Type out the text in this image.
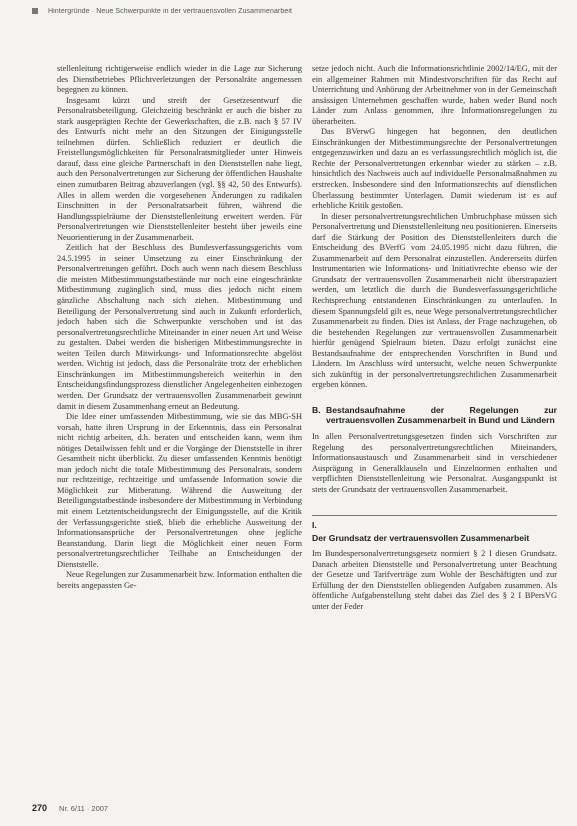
Hintergründe · Neue Schwerpunkte in der vertrauensvollen Zusammenarbeit

stellenleitung richtigerweise endlich wieder in die Lage zur Sicherung des Dienstbetriebes Pflichtverletzungen der Personalräte angemessen begegnen zu können.

Insgesamt kürzt und streift der Gesetzesentwurf die Personalratsbeteiligung. Gleichzeitig beschränkt er auch die bisher zu stark ausgeprägten Rechte der Gewerkschaften, die z.B. nach § 57 IV des Entwurfs nicht mehr an den Sitzungen der Einigungsstelle teilnehmen dürfen. Schließlich reduziert er deutlich die Freistellungsmöglichkeiten für Personalratsmitglieder unter Hinweis darauf, dass eine gleiche Partnerschaft in den Dienststellen nahe liegt, auch den Personalvertretungen zur Sicherung der öffentlichen Haushalte einen zumutbaren Beitrag abzuverlangen (vgl. §§ 42, 50 des Entwurfs). Alles in allem werden die vorgesehenen Änderungen zu radikalen Einschnitten in der Personalratsarbeit führen, während die Handlungsspielräume der Dienststellenleitung erweitert werden. Für Personalvertretungen wie Dienststellenleiter besteht über jeweils eine Neuorientierung in der Zusammenarbeit.

Zeitlich hat der Beschluss des Bundesverfassungsgerichts vom 24.5.1995 in seiner Umsetzung zu einer Einschränkung der Personalvertretungen geführt. Doch auch wenn nach diesem Beschluss die meisten Mitbestimmungstatbestände nur noch eine eingeschränkte Mitbestimmung zugänglich sind, muss dies jedoch nicht einem gänzliche Abschaltung nach sich ziehen. Mitbestimmung und Beteiligung der Personalvertretung sind auch in Zukunft erforderlich, jedoch haben sich die Schwerpunkte verschoben und ist das personalvertretungsrechtliche Miteinander in einer neuen Art und Weise zu gestalten. Dabei werden die bisherigen Mitbestimmungsrechte in weiten Teilen durch Mitwirkungs- und Informationsrechte abgelöst werden. Wichtig ist jedoch, dass die Personalräte trotz der erheblichen Einschränkungen im Mitbestimmungsbereich weiterhin in den Entscheidungsfindungsprozess dienstlicher Angelegenheiten einbezogen werden. Der Grundsatz der vertrauensvollen Zusammenarbeit gewinnt damit in diesem Zusammenhang erneut an Bedeutung.

Die Idee einer umfassenden Mitbestimmung, wie sie das MBG-SH vorsah, hatte ihren Ursprung in der Erkenntnis, dass ein Personalrat nicht richtig arbeiten, d.h. beraten und entscheiden kann, wenn ihm nötiges Detailwissen fehlt und er die Vorgänge der Dienststelle in ihrer Gesamtheit nicht überblickt. Zu dieser umfassenden Kenntnis benötigt man jedoch nicht die totale Mitbestimmung des Personalrats, sondern nur rechtzeitige, rechtzeitige und umfassende Information sowie die Möglichkeit zur Mitberatung. Während die Ausweitung der Beteiligungstatbestände insbesondere der Mitbestimmung in Verbindung mit einem Letztentscheidungsrecht der Einigungsstelle, auf die Kritik der Verfassungsgerichte stieß, blieb die erhebliche Ausweitung der Informationsansprüche der Personalvertretungen ohne jegliche Beanstandung. Darin liegt die Möglichkeit einer neuen Form personalvertretungsrechtlicher Teilhabe an Entscheidungen der Dienststelle.

Neue Regelungen zur Zusammenarbeit bzw. Information enthalten die bereits angepassten Ge-

setze jedoch nicht. Auch die Informationsrichtlinie 2002/14/EG, mit der ein allgemeiner Rahmen mit Mindestvorschriften für das Recht auf Unterrichtung und Anhörung der Arbeitnehmer von in der Gemeinschaft ansässigen Unternehmen geschaffen wurde, haben weder Bund noch Länder zum Anlass genommen, ihre Informationsregelungen zu überarbeiten.

Das BVerwG hingegen hat begonnen, den deutlichen Einschränkungen der Mitbestimmungsrechte der Personalvertretungen entgegenzuwirken und dazu an es verfassungsrechtlich möglich ist, die Rechte der Personalvertretungen erkennbar wieder zu stärken – z.B. hinsichtlich des Nachweis auch auf individuelle Personalmaßnahmen zu erstrecken. Insbesondere sind den Informationsrechts auf dienstlichen Überlassung bestimmter Unterlagen. Damit wiederum ist es auf erhebliche Kritik gestoßen.

In dieser personalvertretungsrechtlichen Umbruchphase müssen sich Personalvertretung und Dienststellenleitung neu positionieren. Einerseits darf die Stärkung der Position des Dienststellenleiters durch die Entscheidung des BVerfG vom 24.05.1995 nicht dazu führen, die Zusammenarbeit auf dem Personalrat einzustellen. Andererseits dürfen Instrumentarien wie Informations- und Initiativrechte ebenso wie der Grundsatz der vertrauensvollen Zusammenarbeit nicht überstrapaziert werden, um letztlich die durch die Bundesverfassungsgerichtliche Rechtsprechung entstandenen Einschränkungen zu unterlaufen. In diesem Spannungsfeld gilt es, neue Wege personalvertretungsrechtlicher Zusammenarbeit zu finden. Dies ist Anlass, der Frage nachzugehen, ob die bestehenden Regelungen zur vertrauensvollen Zusammenarbeit hierfür genügend Spielraum bieten. Dazu erfolgt zunächst eine Bestandsaufnahme der entsprechenden Vorschriften in Bund und Ländern. Im Anschluss wird untersucht, welche neuen Schwerpunkte sich zukünftig in der personalvertretungsrechtlichen Zusammenarbeit ergeben können.

B. Bestandsaufnahme der Regelungen zur vertrauensvollen Zusammenarbeit in Bund und Ländern

In allen Personalvertretungsgesetzen finden sich Vorschriften zur Regelung des personalvertretungsrechtlichen Miteinanders, Informationsaustausch und Zusammenarbeit sind in verschiedener Ausprägung in Generalklauseln und Einzelnormen enthalten und verpflichten Dienststellenleitung wie Personalrat. Ausgangspunkt ist stets der Grundsatz der vertrauensvollen Zusammenarbeit.

I.
Der Grundsatz der vertrauensvollen Zusammenarbeit

Im Bundespersonalvertretungsgesetz normiert § 2 I diesen Grundsatz. Danach arbeiten Dienststelle und Personalvertretung unter Beachtung der Gesetze und Tarifverträge zum Wohle der Beschäftigten und zur Erfüllung der den Dienststellen obliegenden Aufgaben zusammen. Als öffentliche Aufgabenstellung steht dabei das Ziel des § 2 I BPersVG unter der Feder

270 Nr. 6/11 · 2007
